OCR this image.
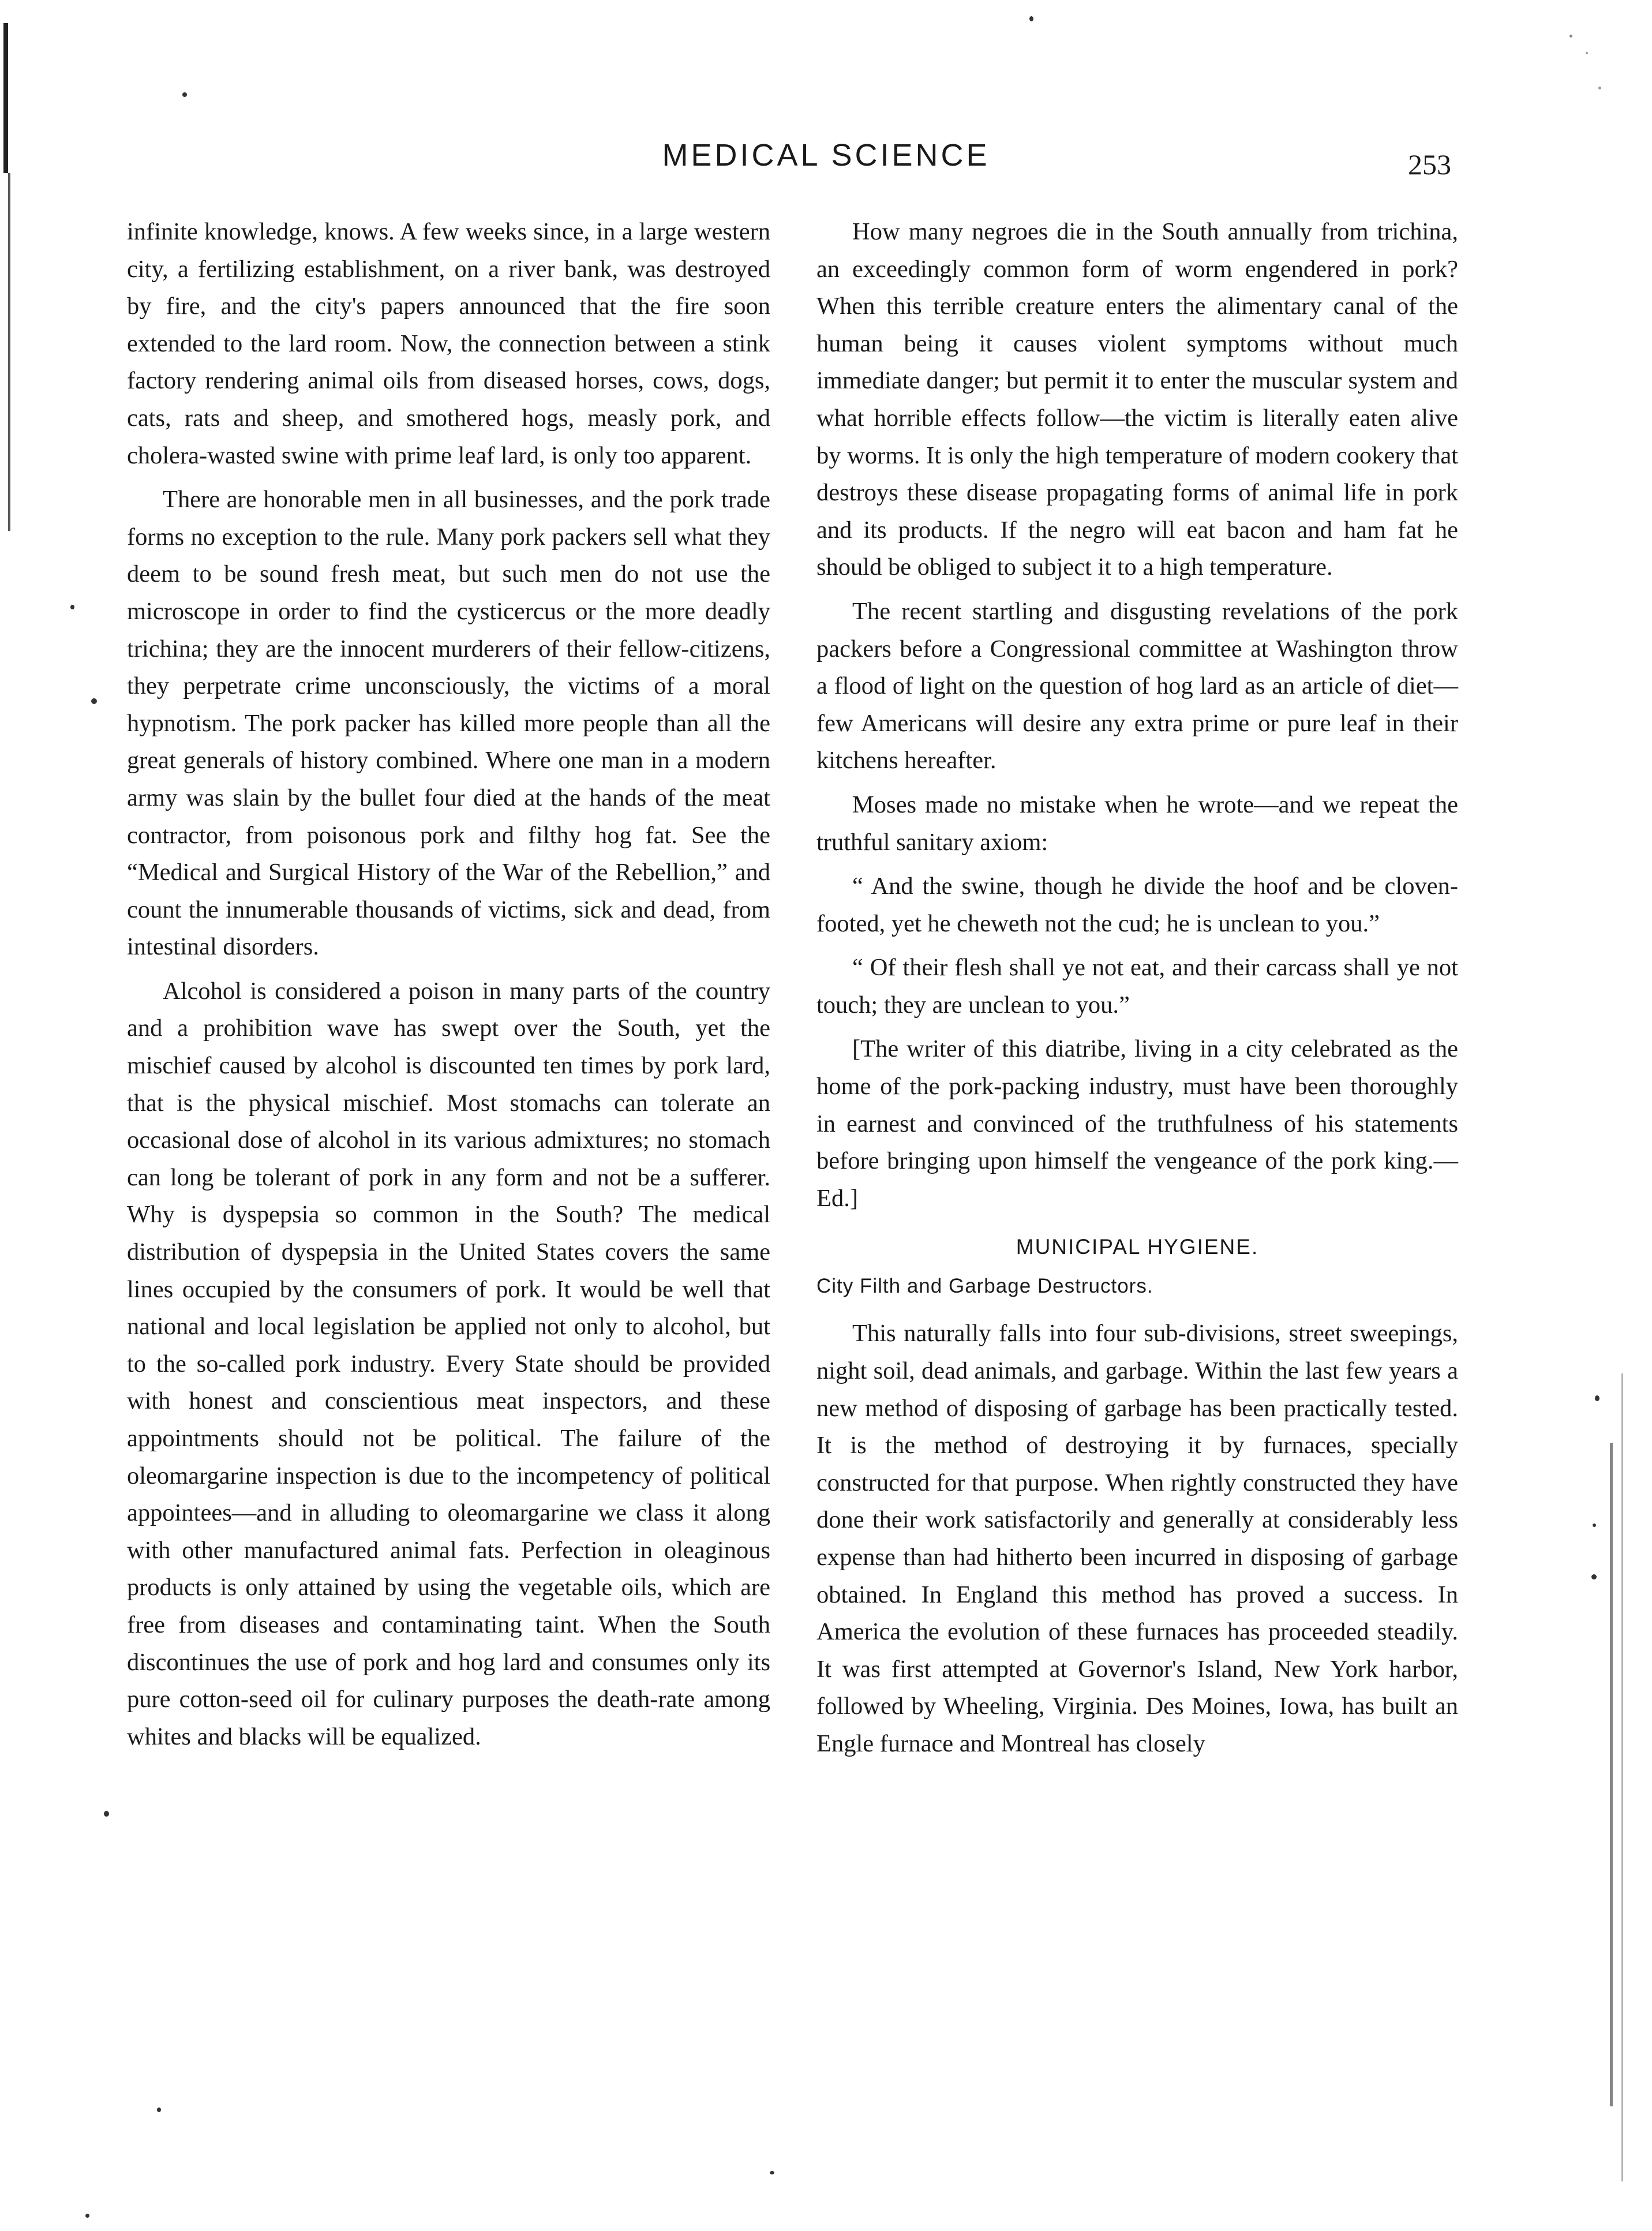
MEDICAL SCIENCE	253

infinite knowledge, knows. A few weeks since, in a large western city, a fertilizing establishment, on a river bank, was destroyed by fire, and the city's papers announced that the fire soon extended to the lard room. Now, the connection between a stink factory rendering animal oils from diseased horses, cows, dogs, cats, rats and sheep, and smothered hogs, measly pork, and cholera-wasted swine with prime leaf lard, is only too apparent.

There are honorable men in all businesses, and the pork trade forms no exception to the rule. Many pork packers sell what they deem to be sound fresh meat, but such men do not use the microscope in order to find the cysticercus or the more deadly trichina; they are the innocent murderers of their fellow-citizens, they perpetrate crime unconsciously, the victims of a moral hypnotism. The pork packer has killed more people than all the great generals of history combined. Where one man in a modern army was slain by the bullet four died at the hands of the meat contractor, from poisonous pork and filthy hog fat. See the “Medical and Surgical History of the War of the Rebellion,” and count the innumerable thousands of victims, sick and dead, from intestinal disorders.

Alcohol is considered a poison in many parts of the country and a prohibition wave has swept over the South, yet the mischief caused by alcohol is discounted ten times by pork lard, that is the physical mischief. Most stomachs can tolerate an occasional dose of alcohol in its various admixtures; no stomach can long be tolerant of pork in any form and not be a sufferer. Why is dyspepsia so common in the South? The medical distribution of dyspepsia in the United States covers the same lines occupied by the consumers of pork. It would be well that national and local legislation be applied not only to alcohol, but to the so-called pork industry. Every State should be provided with honest and conscientious meat inspectors, and these appointments should not be political. The failure of the oleomargarine inspection is due to the incompetency of political appointees—and in alluding to oleomargarine we class it along with other manufactured animal fats. Perfection in oleaginous products is only attained by using the vegetable oils, which are free from diseases and contaminating taint. When the South discontinues the use of pork and hog lard and consumes only its pure cotton-seed oil for culinary purposes the death-rate among whites and blacks will be equalized.

How many negroes die in the South annually from trichina, an exceedingly common form of worm engendered in pork? When this terrible creature enters the alimentary canal of the human being it causes violent symptoms without much immediate danger; but permit it to enter the muscular system and what horrible effects follow—the victim is literally eaten alive by worms. It is only the high temperature of modern cookery that destroys these disease propagating forms of animal life in pork and its products. If the negro will eat bacon and ham fat he should be obliged to subject it to a high temperature.

The recent startling and disgusting revelations of the pork packers before a Congressional committee at Washington throw a flood of light on the question of hog lard as an article of diet—few Americans will desire any extra prime or pure leaf in their kitchens hereafter.

Moses made no mistake when he wrote—and we repeat the truthful sanitary axiom:

“ And the swine, though he divide the hoof and be cloven-footed, yet he cheweth not the cud; he is unclean to you.”

“ Of their flesh shall ye not eat, and their carcass shall ye not touch; they are unclean to you.”

[The writer of this diatribe, living in a city celebrated as the home of the pork-packing industry, must have been thoroughly in earnest and convinced of the truthfulness of his statements before bringing upon himself the vengeance of the pork king.—Ed.]

MUNICIPAL HYGIENE.
City Filth and Garbage Destructors.

This naturally falls into four sub-divisions, street sweepings, night soil, dead animals, and garbage. Within the last few years a new method of disposing of garbage has been practically tested. It is the method of destroying it by furnaces, specially constructed for that purpose. When rightly constructed they have done their work satisfactorily and generally at considerably less expense than had hitherto been incurred in disposing of garbage obtained. In England this method has proved a success. In America the evolution of these furnaces has proceeded steadily. It was first attempted at Governor's Island, New York harbor, followed by Wheeling, Virginia. Des Moines, Iowa, has built an Engle furnace and Montreal has closely
